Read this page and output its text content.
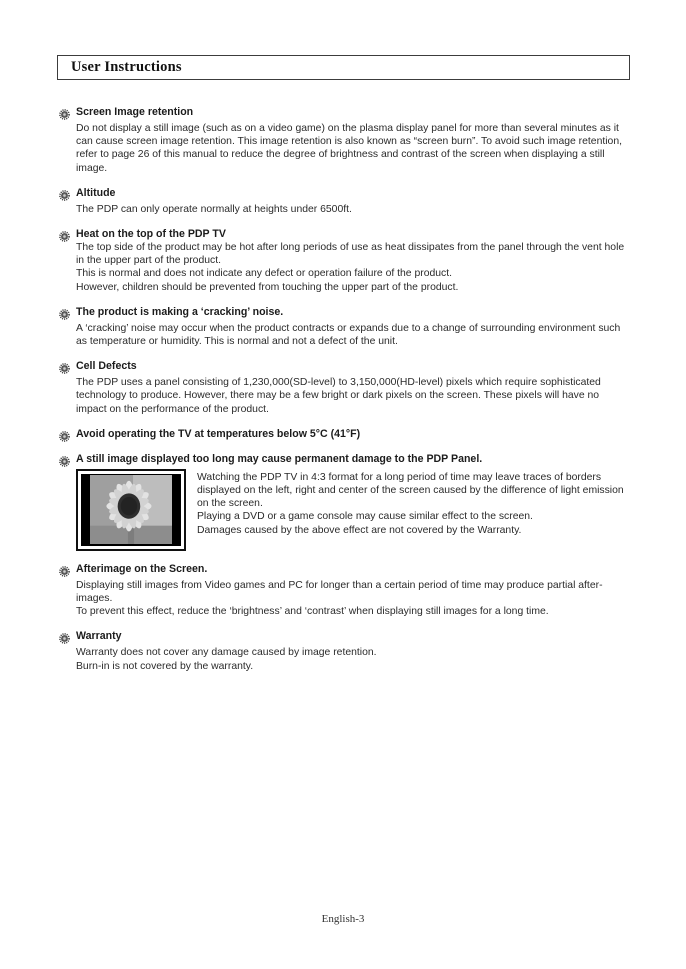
User Instructions
Screen Image retention

Do not display a still image (such as on a video game) on the plasma display panel for more than several minutes as it can cause screen image retention. This image retention is also known as “screen burn”. To avoid such image retention, refer to page 26 of this manual to reduce the degree of brightness and contrast of the screen when displaying a still image.

Altitude

The PDP can only operate normally at heights under 6500ft.

Heat on the top of the PDP TV

The top side of the product may be hot after long periods of use as heat dissipates from the panel through the vent hole in the upper part of the product.

This is normal and does not indicate any defect or operation failure of the product.

However, children should be prevented from touching the upper part of the product.

The product is making a ‘cracking’ noise.

A ‘cracking’ noise may occur when the product contracts or expands due to a change of surrounding environment such as temperature or humidity. This is normal and not a defect of the unit.

Cell Defects

The PDP uses a panel consisting of 1,230,000(SD-level) to 3,150,000(HD-level) pixels which require sophisticated technology to produce. However, there may be a few bright or dark pixels on the screen. These pixels will have no impact on the performance of the product.

Avoid operating the TV at temperatures below 5°C (41°F)
A still image displayed too long may cause permanent damage to the PDP Panel.

Watching the PDP TV in 4:3 format for a long period of time may leave traces of borders displayed on the left, right and center of the screen caused by the difference of light emission on the screen.

Playing a DVD or a game console may cause similar effect to the screen.

Damages caused by the above effect are not covered by the Warranty.

Afterimage on the Screen.

Displaying still images from Video games and PC for longer than a certain period of time may produce partial after-images.

To prevent this effect, reduce the ‘brightness’ and ‘contrast’ when displaying still images for a long time.

Warranty

Warranty does not cover any damage caused by image retention.

Burn-in is not covered by the warranty.

English-3
